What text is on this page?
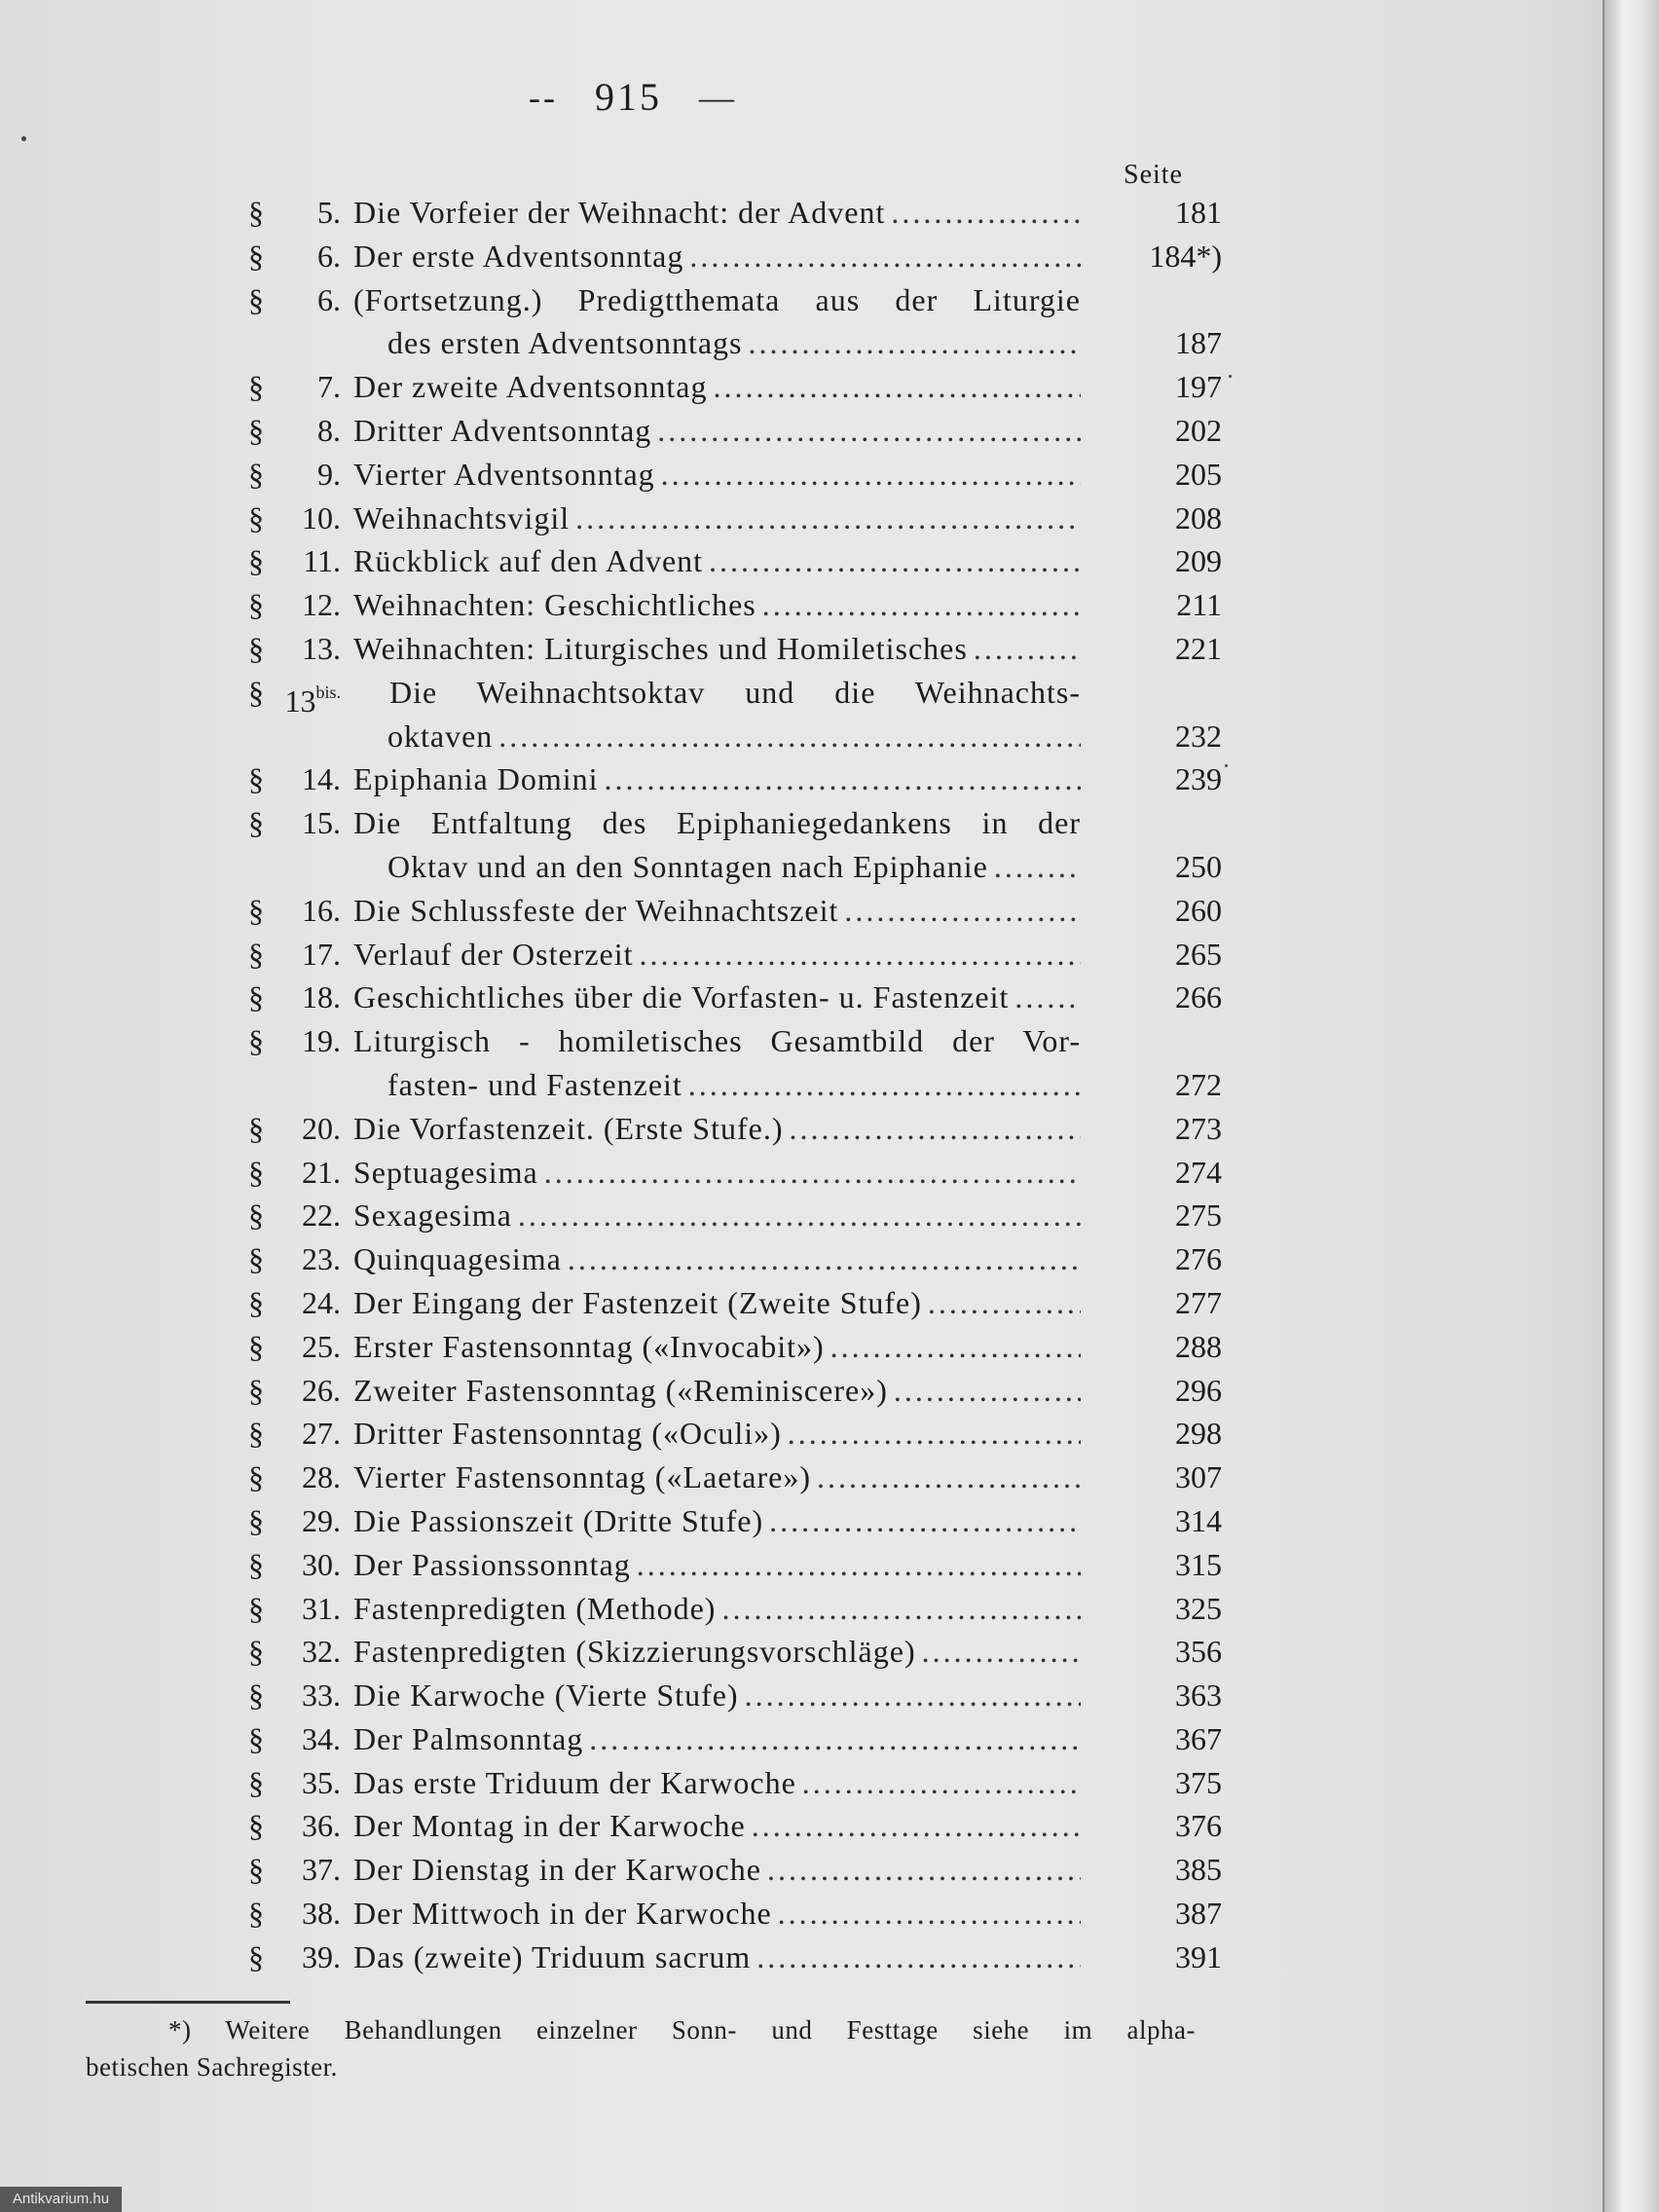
-- 915 —
Seite
§	5. Die Vorfeier der Weihnacht: der Advent .....	181
§	6. Der erste Adventsonntag .....	184*)
§	6. (Fortsetzung.) Predigtthemata aus der Liturgie
des ersten Adventsonntags .....	187
§	7. Der zweite Adventsonntag .....	197
§	8. Dritter Adventsonntag .....	202
§	9. Vierter Adventsonntag .....	205
§	10. Weihnachtsvigil .....	208
§	11. Rückblick auf den Advent .....	209
§	12. Weihnachten: Geschichtliches .....	211
§	13. Weihnachten: Liturgisches und Homiletisches .....	221
§ $13^{bis.}$ Die Weihnachtsoktav und die Weihnachts-
oktaven .....	232
§	14. Epiphania Domini .....	239
§	15. Die Entfaltung des Epiphaniegedankens in der
Oktav und an den Sonntagen nach Epiphanie .....	250
§	16. Die Schlussfeste der Weihnachtszeit .....	260
§	17. Verlauf der Osterzeit .....	265
§	18. Geschichtliches über die Vorfasten- u. Fastenzeit .....	266
§	19. Liturgisch - homiletisches Gesamtbild der Vor-
fasten- und Fastenzeit .....	272
§	20. Die Vorfastenzeit. (Erste Stufe.) .....	273
§	21. Septuagesima .....	274
§	22. Sexagesima .....	275
§	23. Quinquagesima .....	276
§	24. Der Eingang der Fastenzeit (Zweite Stufe) .....	277
§	25. Erster Fastensonntag («Invocabit») .....	288
§	26. Zweiter Fastensonntag («Reminiscere») .....	296
§	27. Dritter Fastensonntag («Oculi») .....	298
§	28. Vierter Fastensonntag («Laetare») .....	307
§	29. Die Passionszeit (Dritte Stufe) .....	314
§	30. Der Passionssonntag .....	315
§	31. Fastenpredigten (Methode) .....	325
§	32. Fastenpredigten (Skizzierungsvorschläge) .....	356
§	33. Die Karwoche (Vierte Stufe) .....	363
§	34. Der Palmsonntag .....	367
§	35. Das erste Triduum der Karwoche .....	375
§	36. Der Montag in der Karwoche .....	376
§	37. Der Dienstag in der Karwoche .....	385
§	38. Der Mittwoch in der Karwoche .....	387
§	39. Das (zweite) Triduum sacrum .....	391
*) Weitere Behandlungen einzelner Sonn- und Festtage siehe im alpha-
betischen Sachregister.
Antikvarium.hu
